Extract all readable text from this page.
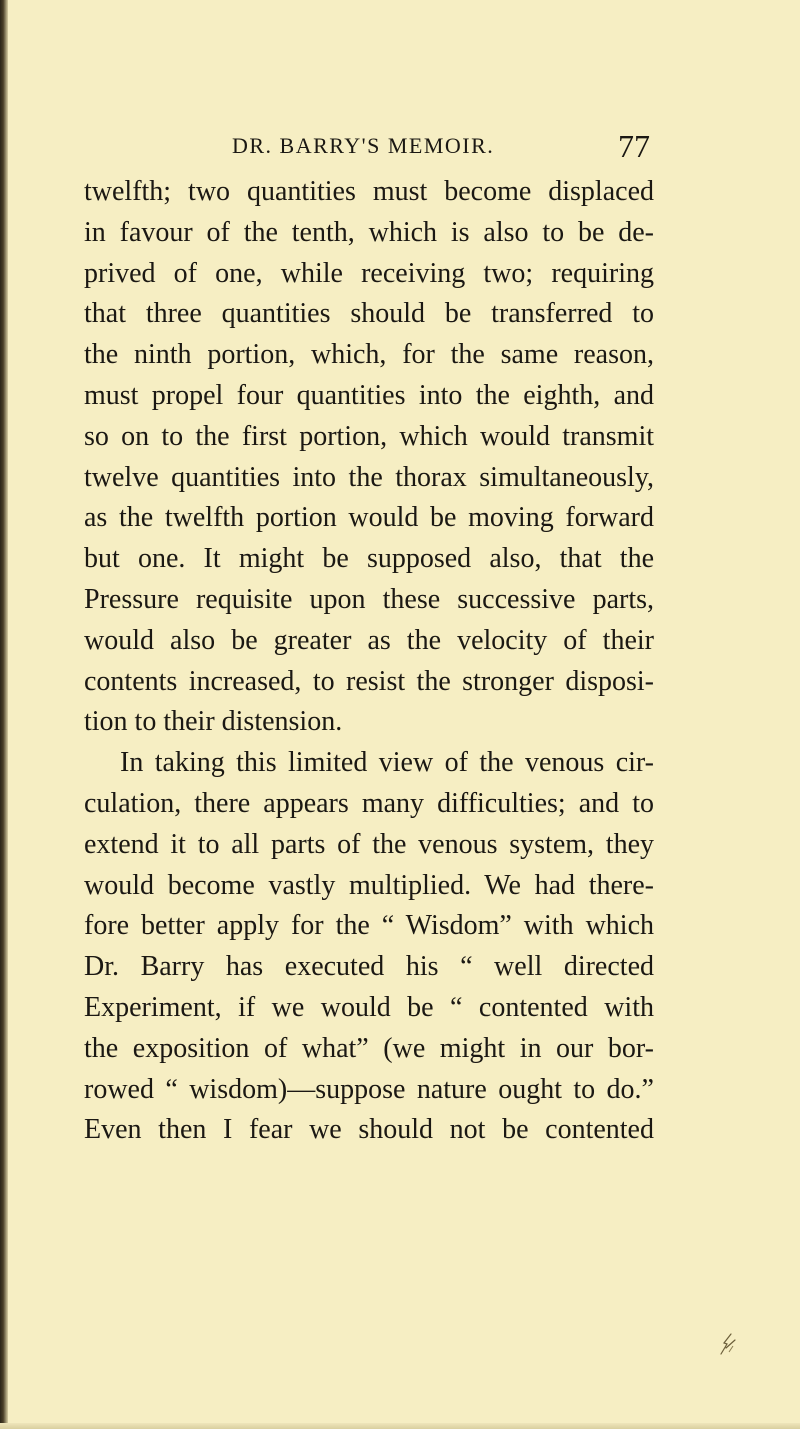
DR. BARRY'S MEMOIR.	77
twelfth; two quantities must become displaced
in favour of the tenth, which is also to be de-
prived of one, while receiving two; requiring
that three quantities should be transferred to
the ninth portion, which, for the same reason,
must propel four quantities into the eighth, and
so on to the first portion, which would transmit
twelve quantities into the thorax simultaneously,
as the twelfth portion would be moving forward
but one. It might be supposed also, that the
Pressure requisite upon these successive parts,
would also be greater as the velocity of their
contents increased, to resist the stronger disposi-
tion to their distension.
In taking this limited view of the venous cir-
culation, there appears many difficulties; and to
extend it to all parts of the venous system, they
would become vastly multiplied. We had there-
fore better apply for the “ Wisdom” with which
Dr. Barry has executed his “ well directed
Experiment, if we would be “ contented with
the exposition of what” (we might in our bor-
rowed “ wisdom)—suppose nature ought to do.”
Even then I fear we should not be contented
